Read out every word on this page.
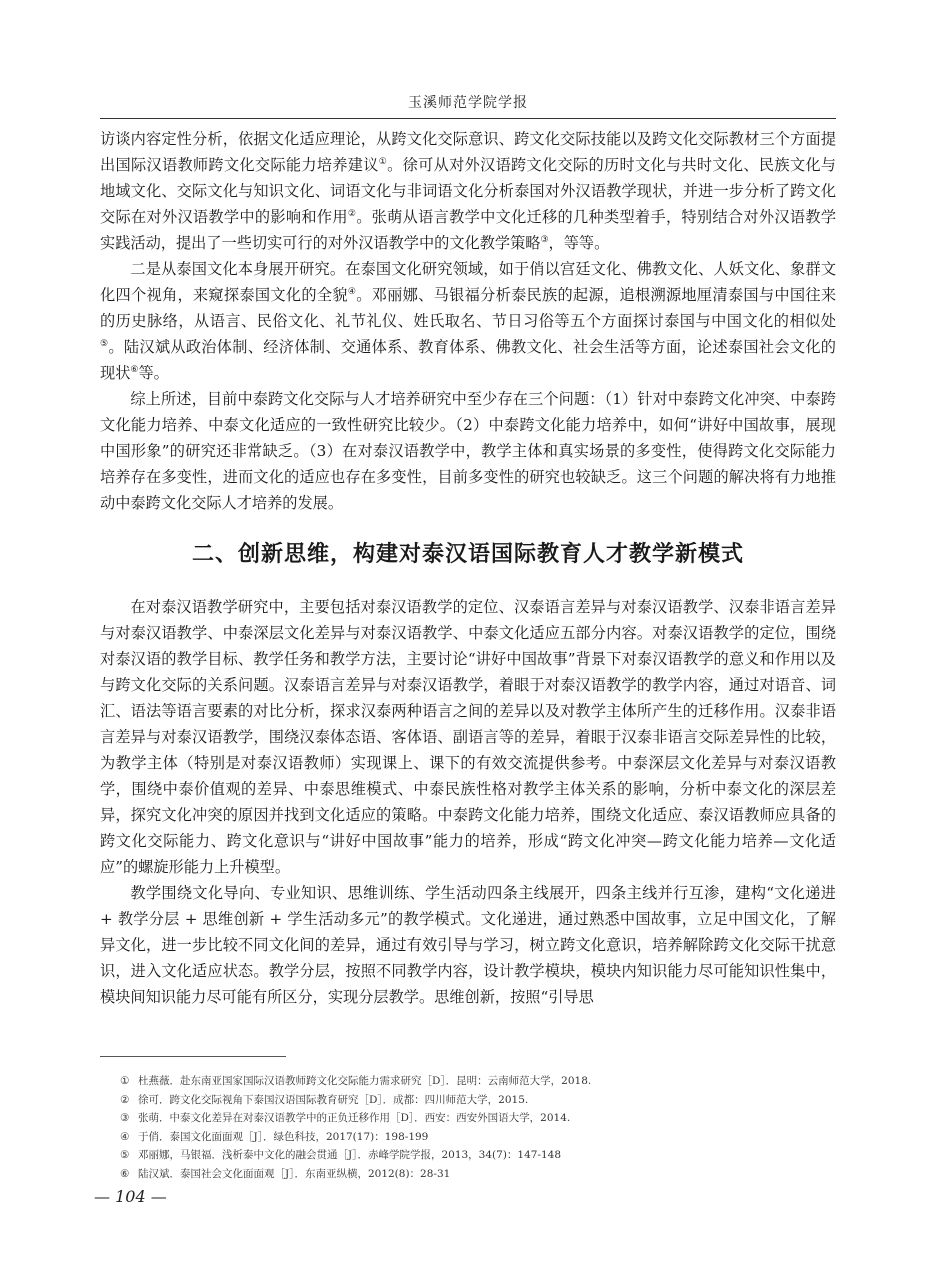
玉溪师范学院学报

访谈内容定性分析，依据文化适应理论，从跨文化交际意识、跨文化交际技能以及跨文化交际教材三个方面提出国际汉语教师跨文化交际能力培养建议①。徐可从对外汉语跨文化交际的历时文化与共时文化、民族文化与地域文化、交际文化与知识文化、词语文化与非词语文化分析泰国对外汉语教学现状，并进一步分析了跨文化交际在对外汉语教学中的影响和作用②。张萌从语言教学中文化迁移的几种类型着手，特别结合对外汉语教学实践活动，提出了一些切实可行的对外汉语教学中的文化教学策略③，等等。

二是从泰国文化本身展开研究。在泰国文化研究领域，如于俏以宫廷文化、佛教文化、人妖文化、象群文化四个视角，来窥探泰国文化的全貌④。邓丽娜、马银福分析泰民族的起源，追根溯源地厘清泰国与中国往来的历史脉络，从语言、民俗文化、礼节礼仪、姓氏取名、节日习俗等五个方面探讨泰国与中国文化的相似处⑤。陆汉斌从政治体制、经济体制、交通体系、教育体系、佛教文化、社会生活等方面，论述泰国社会文化的现状⑥等。

综上所述，目前中泰跨文化交际与人才培养研究中至少存在三个问题：（1）针对中泰跨文化冲突、中泰跨文化能力培养、中泰文化适应的一致性研究比较少。（2）中泰跨文化能力培养中，如何“讲好中国故事，展现中国形象”的研究还非常缺乏。（3）在对泰汉语教学中，教学主体和真实场景的多变性，使得跨文化交际能力培养存在多变性，进而文化的适应也存在多变性，目前多变性的研究也较缺乏。这三个问题的解决将有力地推动中泰跨文化交际人才培养的发展。

二、创新思维，构建对泰汉语国际教育人才教学新模式

在对泰汉语教学研究中，主要包括对泰汉语教学的定位、汉泰语言差异与对泰汉语教学、汉泰非语言差异与对泰汉语教学、中泰深层文化差异与对泰汉语教学、中泰文化适应五部分内容。对泰汉语教学的定位，围绕对泰汉语的教学目标、教学任务和教学方法，主要讨论“讲好中国故事”背景下对泰汉语教学的意义和作用以及与跨文化交际的关系问题。汉泰语言差异与对泰汉语教学，着眼于对泰汉语教学的教学内容，通过对语音、词汇、语法等语言要素的对比分析，探求汉泰两种语言之间的差异以及对教学主体所产生的迁移作用。汉泰非语言差异与对泰汉语教学，围绕汉泰体态语、客体语、副语言等的差异，着眼于汉泰非语言交际差异性的比较，为教学主体（特别是对泰汉语教师）实现课上、课下的有效交流提供参考。中泰深层文化差异与对泰汉语教学，围绕中泰价值观的差异、中泰思维模式、中泰民族性格对教学主体关系的影响，分析中泰文化的深层差异，探究文化冲突的原因并找到文化适应的策略。中泰跨文化能力培养，围绕文化适应、泰汉语教师应具备的跨文化交际能力、跨文化意识与“讲好中国故事”能力的培养，形成“跨文化冲突—跨文化能力培养—文化适应”的螺旋形能力上升模型。

教学围绕文化导向、专业知识、思维训练、学生活动四条主线展开，四条主线并行互渗，建构“文化递进 + 教学分层 + 思维创新 + 学生活动多元”的教学模式。文化递进，通过熟悉中国故事，立足中国文化，了解异文化，进一步比较不同文化间的差异，通过有效引导与学习，树立跨文化意识，培养解除跨文化交际干扰意识，进入文化适应状态。教学分层，按照不同教学内容，设计教学模块，模块内知识能力尽可能知识性集中，模块间知识能力尽可能有所区分，实现分层教学。思维创新，按照“引导思

① 杜燕薇．赴东南亚国家国际汉语教师跨文化交际能力需求研究［D］．昆明：云南师范大学，2018.
② 徐可．跨文化交际视角下泰国汉语国际教育研究［D］．成都：四川师范大学，2015.
③ 张萌．中泰文化差异在对泰汉语教学中的正负迁移作用［D］．西安：西安外国语大学，2014.
④ 于俏．泰国文化面面观［J］．绿色科技，2017(17)：198-199
⑤ 邓丽娜，马银福．浅析泰中文化的融会贯通［J］．赤峰学院学报，2013，34(7)：147-148
⑥ 陆汉斌．泰国社会文化面面观［J］．东南亚纵横，2012(8)：28-31
— 104 —
